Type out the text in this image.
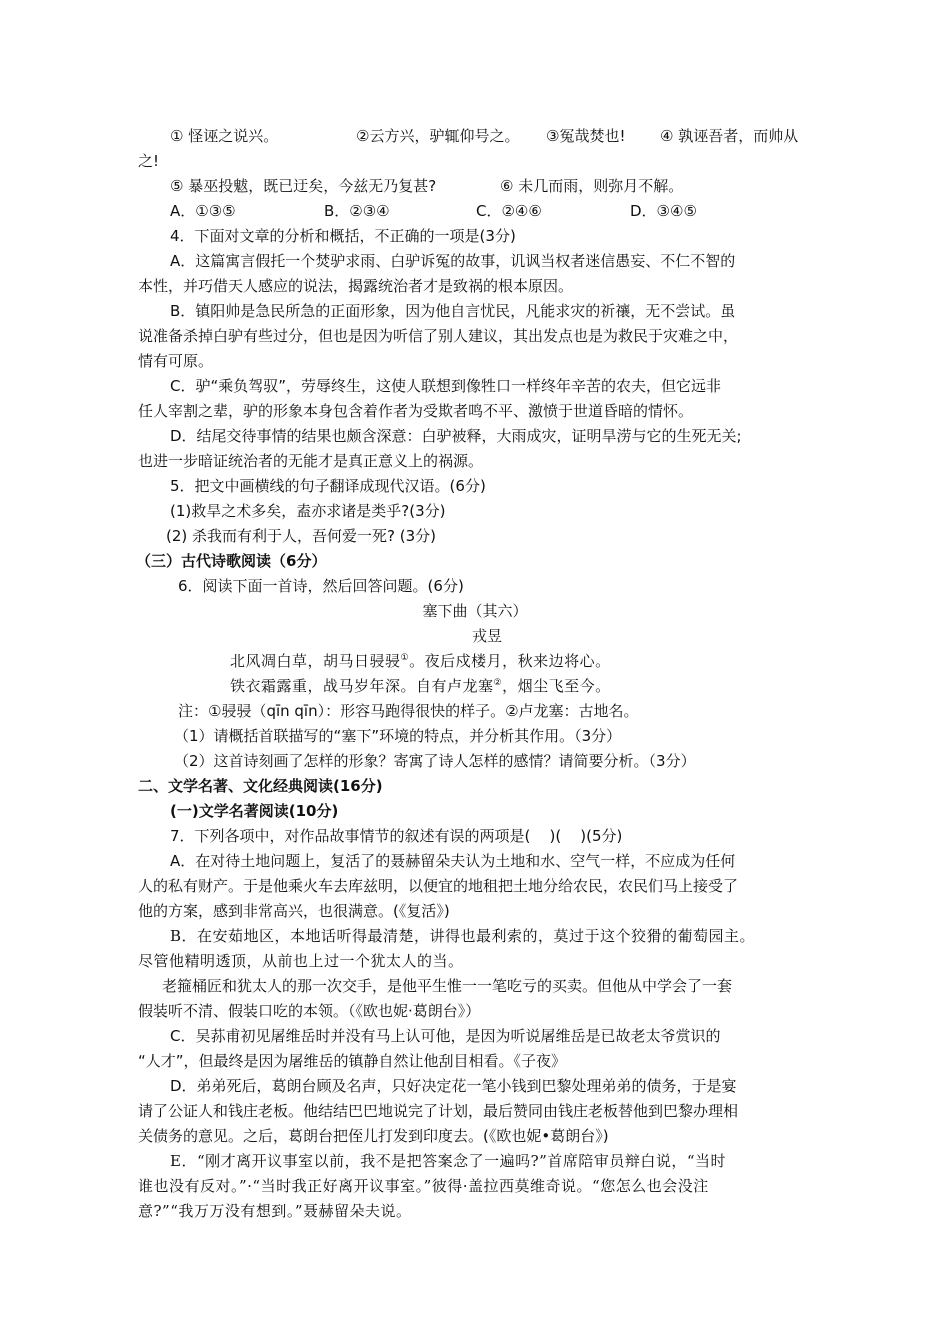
① 怪诬之说兴。	②云方兴，驴辄仰号之。 ③冤哉焚也! ④ 孰诬吾者，而帅从
之!
⑤ 暴巫投魃，既已迂矣，今兹无乃复甚?	⑥ 未几而雨，则弥月不解。
A．①③⑤	B．②③④	C．②④⑥	D．③④⑤
4．下面对文章的分析和概括，不正确的一项是(3分)
A．这篇寓言假托一个焚驴求雨、白驴诉冤的故事，讥讽当权者迷信愚妄、不仁不智的
本性，并巧借天人感应的说法，揭露统治者才是致祸的根本原因。
B．镇阳帅是急民所急的正面形象，因为他自言忧民，凡能求灾的祈禳，无不尝试。虽
说准备杀掉白驴有些过分，但也是因为听信了别人建议，其出发点也是为救民于灾难之中，
情有可原。
C．驴“乘负驾驭”，劳辱终生，这使人联想到像牲口一样终年辛苦的农夫，但它远非
任人宰割之辈，驴的形象本身包含着作者为受欺者鸣不平、激愤于世道昏暗的情怀。
D．结尾交待事情的结果也颇含深意：白驴被释，大雨成灾，证明旱涝与它的生死无关;
也进一步暗证统治者的无能才是真正意义上的祸源。
5．把文中画横线的句子翻译成现代汉语。(6分)
(1)救旱之术多矣，盍亦求诸是类乎?(3分)
(2) 杀我而有利于人，吾何爱一死? (3分)
（三）古代诗歌阅读（6分）
6．阅读下面一首诗，然后回答问题。(6分)
塞下曲（其六）
戎昱
北风凋白草，胡马日骎骎①。夜后戍楼月，秋来边将心。
铁衣霜露重，战马岁年深。自有卢龙塞②，烟尘飞至今。
注：①骎骎（qīn qīn）：形容马跑得很快的样子。②卢龙塞：古地名。
（1）请概括首联描写的“塞下”环境的特点，并分析其作用。（3分）
（2）这首诗刻画了怎样的形象？寄寓了诗人怎样的感情？请简要分析。（3分）
二、文学名著、文化经典阅读(16分)
(一)文学名著阅读(10分)
7．下列各项中，对作品故事情节的叙述有误的两项是(    )(    )(5分)
A．在对待土地问题上，复活了的聂赫留朵夫认为土地和水、空气一样，不应成为任何
人的私有财产。于是他乘火车去库兹明，以便宜的地租把土地分给农民，农民们马上接受了
他的方案，感到非常高兴，也很满意。(《复活》)
B．在安茹地区，本地话听得最清楚，讲得也最利索的，莫过于这个狡猾的葡萄园主。
尽管他精明透顶，从前也上过一个犹太人的当。
老箍桶匠和犹太人的那一次交手，是他平生惟一一笔吃亏的买卖。但他从中学会了一套
假装听不清、假装口吃的本领。（《欧也妮·葛朗台》）
C．吴荪甫初见屠维岳时并没有马上认可他，是因为听说屠维岳是已故老太爷赏识的
“人才”，但最终是因为屠维岳的镇静自然让他刮目相看。《子夜》
D．弟弟死后，葛朗台顾及名声，只好决定花一笔小钱到巴黎处理弟弟的债务，于是宴
请了公证人和钱庄老板。他结结巴巴地说完了计划，最后赞同由钱庄老板替他到巴黎办理相
关债务的意见。之后，葛朗台把侄儿打发到印度去。(《欧也妮•葛朗台》)
E．“刚才离开议事室以前，我不是把答案念了一遍吗?”首席陪审员辩白说，“当时
谁也没有反对。”·“当时我正好离开议事室。”彼得·盖拉西莫维奇说。“您怎么也会没注
意?”“我万万没有想到。”聂赫留朵夫说。
